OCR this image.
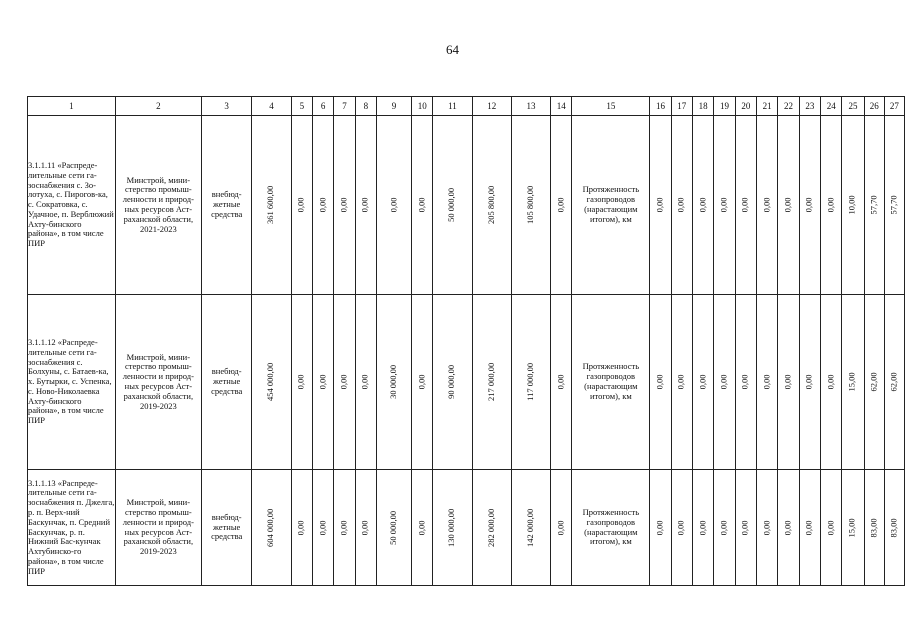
64
1	2	3	4	5	6	7	8	9	10	11	12	13	14	15	16	17	18	19	20	21	22	23	24	25	26	27
3.1.1.11 «Распреде-лительные сети га-зоснабжения с. Зо-лотуха, с. Пирогов-ка, с. Сократовка, с. Удачное, п. Верблюжий Ахту-бинского района», в том числе ПИР	Минстрой, мини-стерство промыш-ленности и природ-ных ресурсов Аст-раханской области, 2021-2023	внебюд-жетные средства	361 600,00	0,00	0,00	0,00	0,00	0,00	0,00	50 000,00	205 800,00	105 800,00	0,00	Протяженность газопроводов (нарастающим итогом), км	0,00	0,00	0,00	0,00	0,00	0,00	0,00	0,00	0,00	10,00	57,70	57,70
3.1.1.12 «Распреде-лительные сети га-зоснабжения с. Болхуны, с. Батаев-ка, х. Бутырки, с. Успенка, с. Ново-Николаевка Ахту-бинского района», в том числе ПИР	Минстрой, мини-стерство промыш-ленности и природ-ных ресурсов Аст-раханской области, 2019-2023	внебюд-жетные средства	454 000,00	0,00	0,00	0,00	0,00	30 000,00	0,00	90 000,00	217 000,00	117 000,00	0,00	Протяженность газопроводов (нарастающим итогом), км	0,00	0,00	0,00	0,00	0,00	0,00	0,00	0,00	0,00	15,00	62,00	62,00
3.1.1.13 «Распреде-лительные сети га-зоснабжения п. Джелга, р. п. Верх-ний Баскунчак, п. Средний Баскунчак, р. п. Нижний Бас-кунчак Ахтубинско-го района», в том числе ПИР	Минстрой, мини-стерство промыш-ленности и природ-ных ресурсов Аст-раханской области, 2019-2023	внебюд-жетные средства	604 000,00	0,00	0,00	0,00	0,00	50 000,00	0,00	130 000,00	282 000,00	142 000,00	0,00	Протяженность газопроводов (нарастающим итогом), км	0,00	0,00	0,00	0,00	0,00	0,00	0,00	0,00	0,00	15,00	83,00	83,00
